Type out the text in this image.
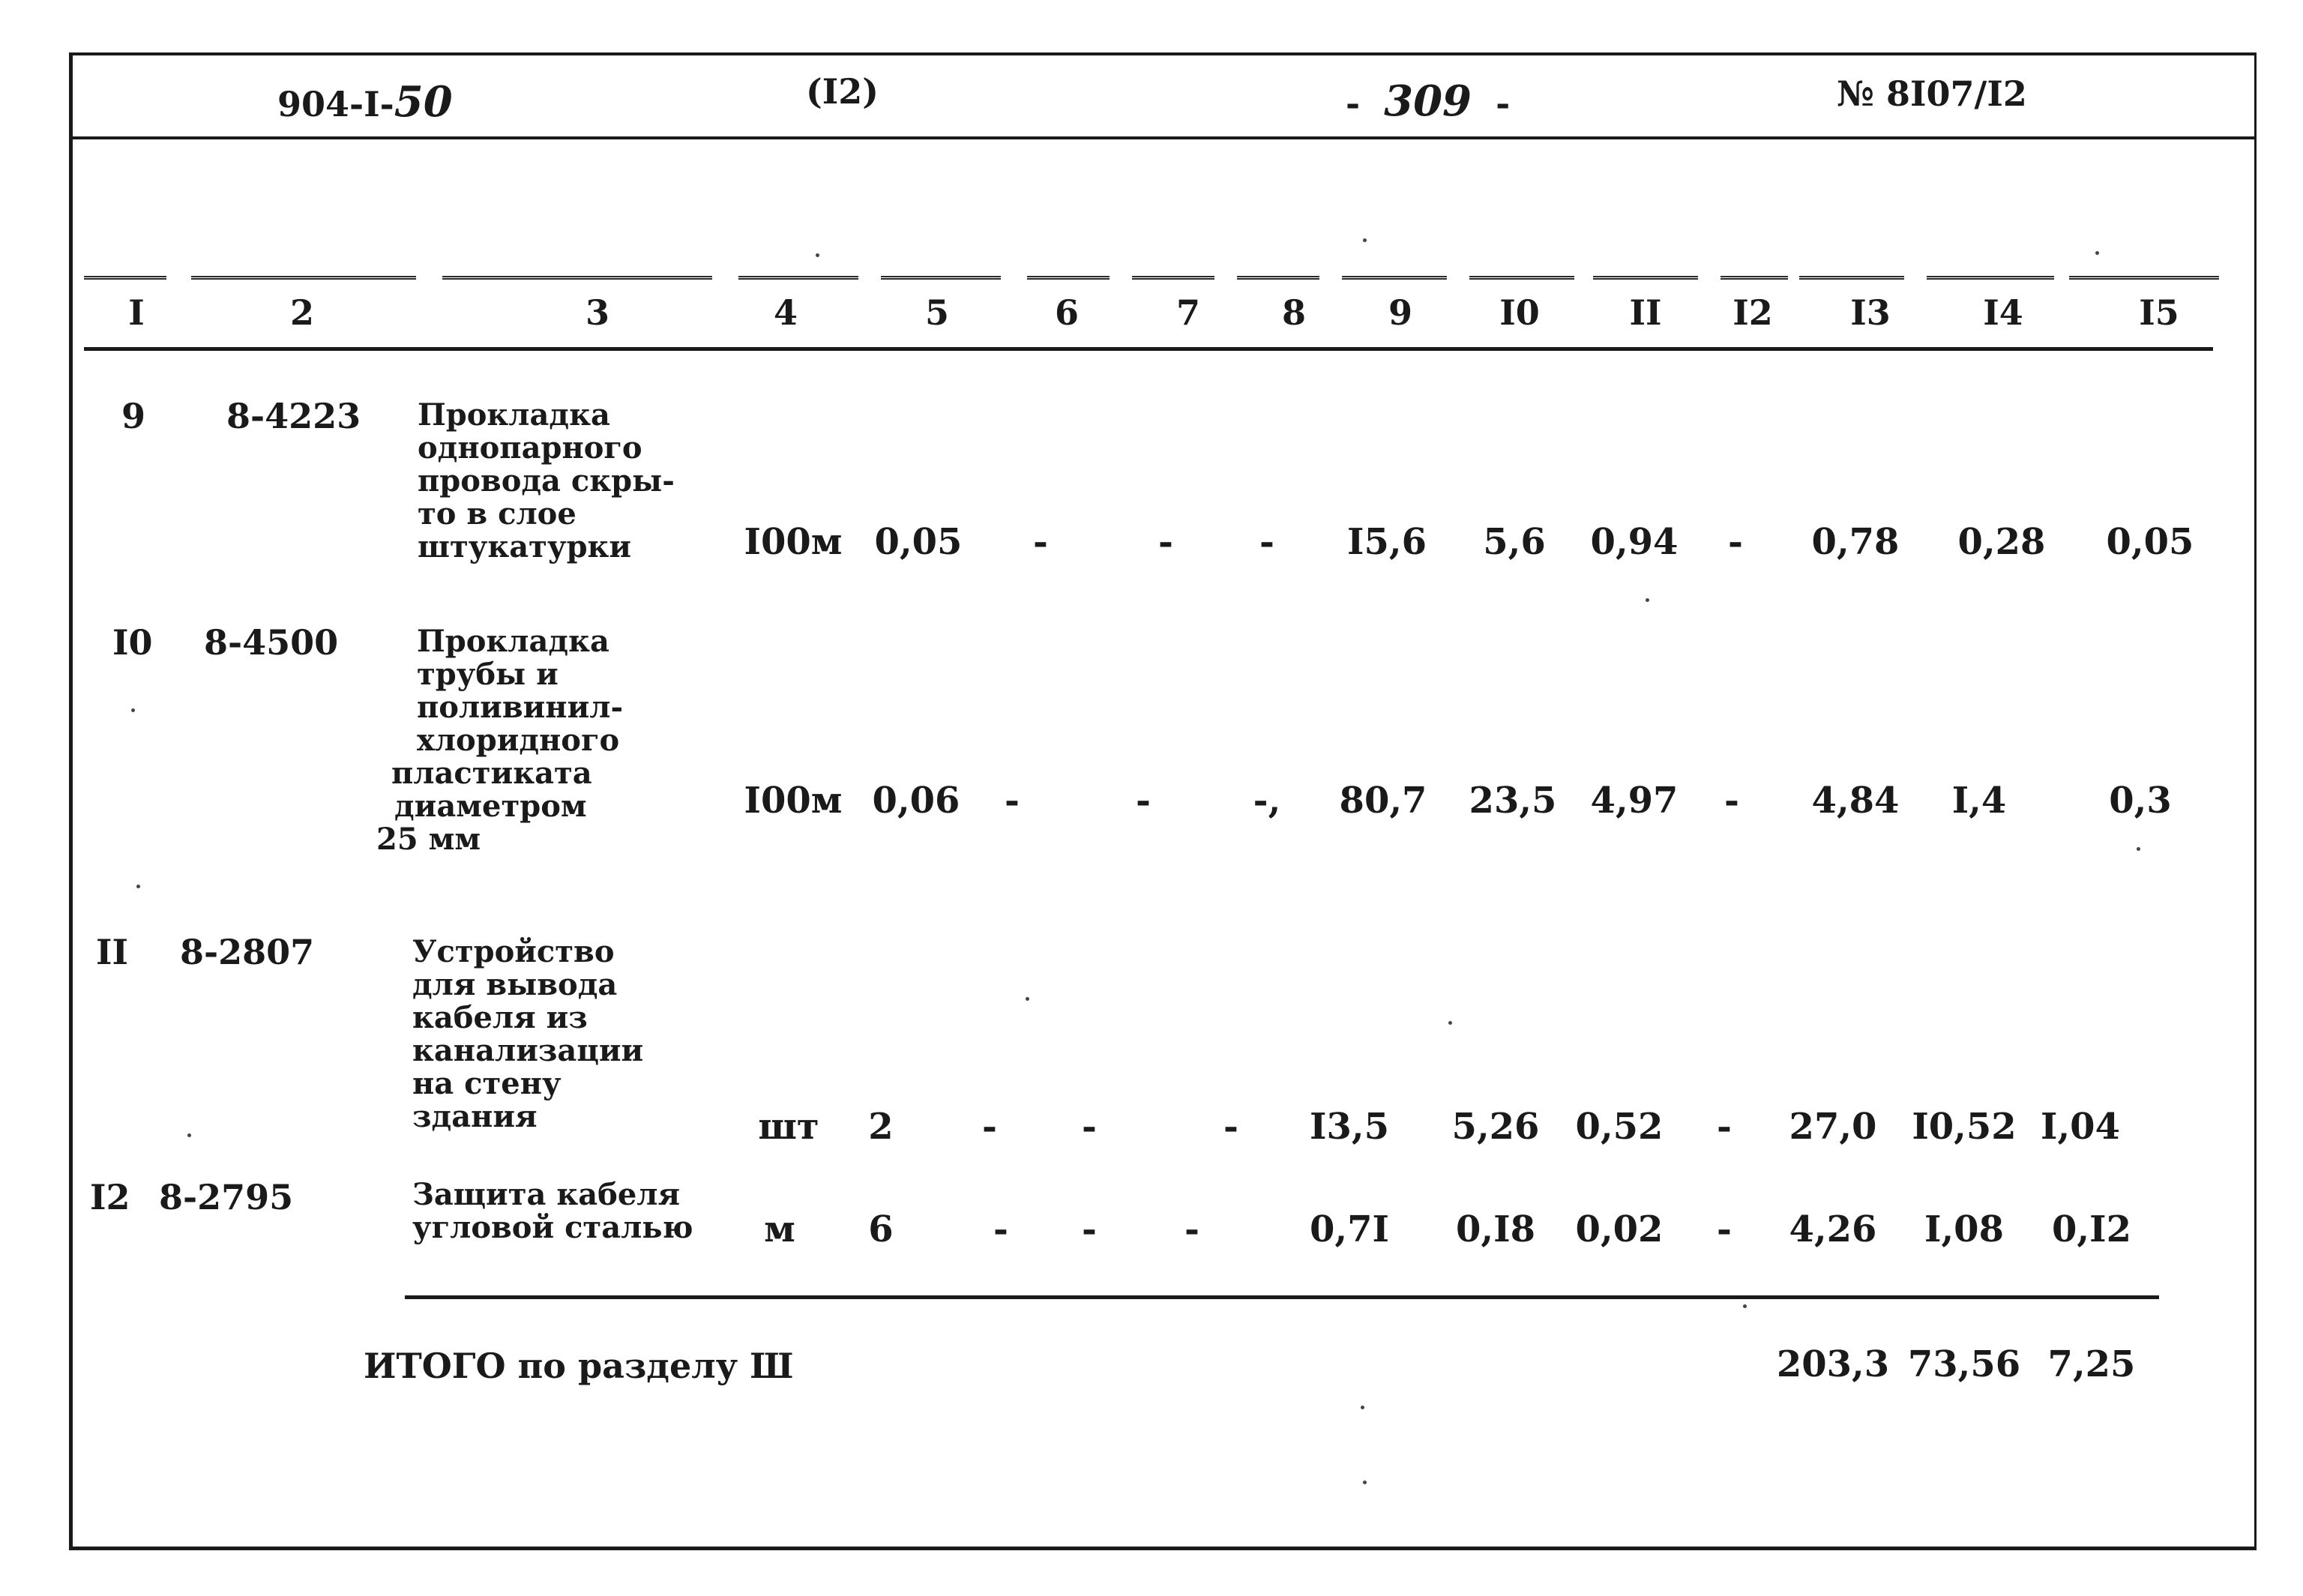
904-I-50	(I2)	- 309 -	№ 8I07/I2
I	2	3	4	5	6	7 8 9	I0	II I2 I3	I4	I5
9 8-4223 Прокладка
однопарного
провода скры-
то в слое
штукатурки	I00м 0,05 -	- - I5,6 5,6 0,94 - 0,78 0,28 0,05
I0 8-4500	Прокладка
трубы и
поливинил-
хлоридного
пластиката
диаметром
25 мм
I00м 0,06 -	-	-, 80,7 23,5 4,97 - 4,84 I,4	0,3
II 8-2807	Устройство
для вывода
кабеля из
канализации
на стену
здания	шт 2 - -	- I3,5 5,26 0,52 - 27,0 I0,52 I,04
I2 8-2795	Защита кабеля
угловой сталью м 6	- - -	0,7I 0,I8 0,02 - 4,26 I,08 0,I2
ИТОГО по разделу Ш	203,3 73,56 7,25
